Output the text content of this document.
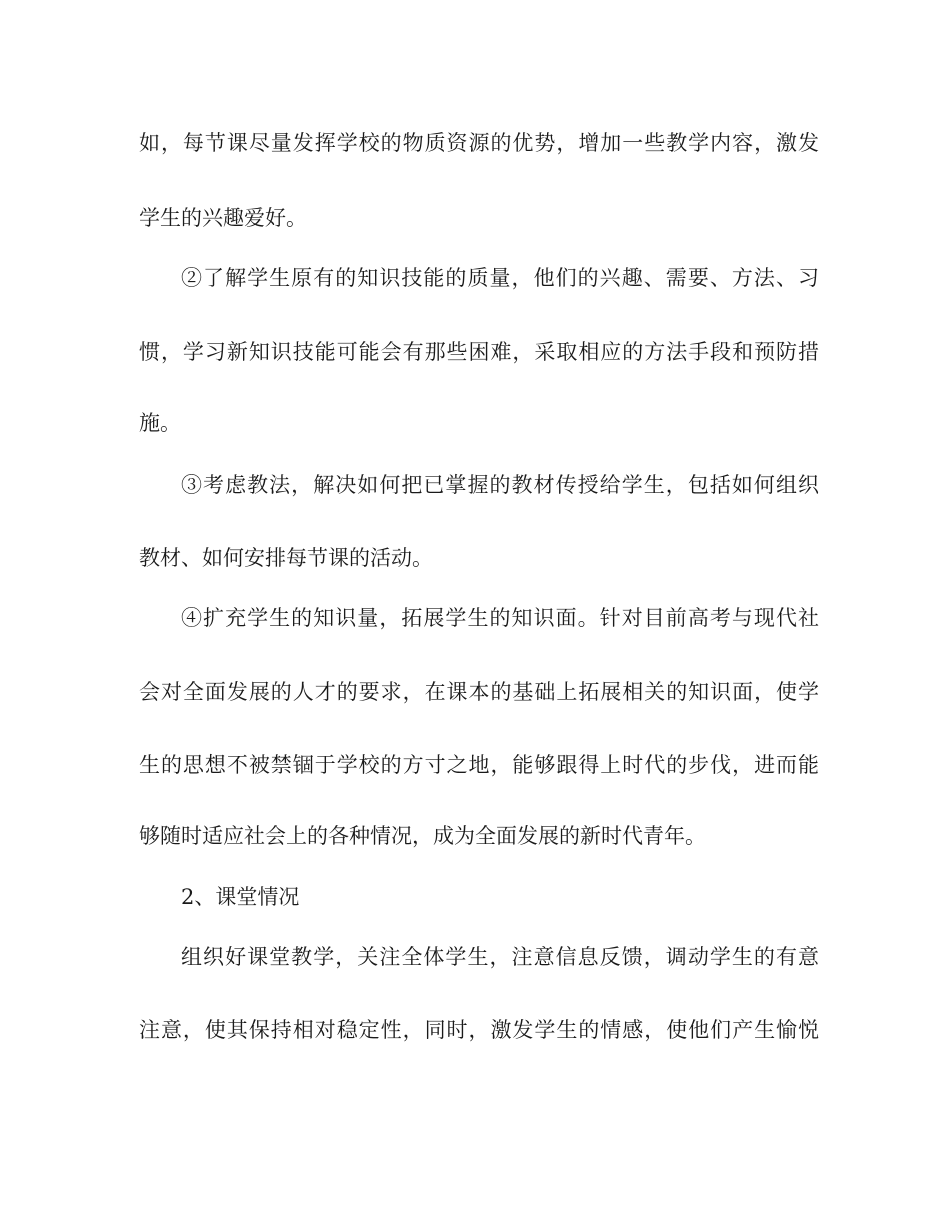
如，每节课尽量发挥学校的物质资源的优势，增加一些教学内容，激发
学生的兴趣爱好。
②了解学生原有的知识技能的质量，他们的兴趣、需要、方法、习
惯，学习新知识技能可能会有那些困难，采取相应的方法手段和预防措
施。
③考虑教法，解决如何把已掌握的教材传授给学生，包括如何组织
教材、如何安排每节课的活动。
④扩充学生的知识量，拓展学生的知识面。针对目前高考与现代社
会对全面发展的人才的要求，在课本的基础上拓展相关的知识面，使学
生的思想不被禁锢于学校的方寸之地，能够跟得上时代的步伐，进而能
够随时适应社会上的各种情况，成为全面发展的新时代青年。
2、课堂情况
组织好课堂教学，关注全体学生，注意信息反馈，调动学生的有意
注意，使其保持相对稳定性，同时，激发学生的情感，使他们产生愉悦
